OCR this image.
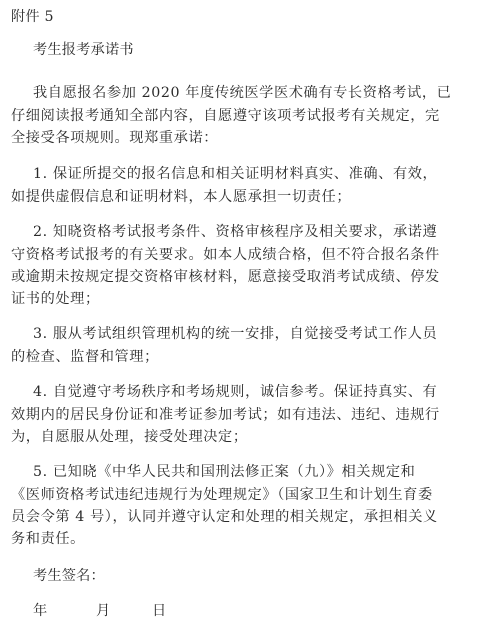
附件 5
考生报考承诺书
我自愿报名参加 2020 年度传统医学医术确有专长资格考试，已
仔细阅读报考通知全部内容，自愿遵守该项考试报考有关规定，完
全接受各项规则。现郑重承诺：
1. 保证所提交的报名信息和相关证明材料真实、准确、有效，
如提供虚假信息和证明材料，本人愿承担一切责任；
2. 知晓资格考试报考条件、资格审核程序及相关要求，承诺遵
守资格考试报考的有关要求。如本人成绩合格，但不符合报名条件
或逾期未按规定提交资格审核材料，愿意接受取消考试成绩、停发
证书的处理；
3. 服从考试组织管理机构的统一安排，自觉接受考试工作人员
的检查、监督和管理；
4. 自觉遵守考场秩序和考场规则，诚信参考。保证持真实、有
效期内的居民身份证和准考证参加考试；如有违法、违纪、违规行
为，自愿服从处理，接受处理决定；
5. 已知晓《中华人民共和国刑法修正案（九）》相关规定和
《医师资格考试违纪违规行为处理规定》（国家卫生和计划生育委
员会令第 4 号），认同并遵守认定和处理的相关规定，承担相关义
务和责任。
考生签名：
年	月	日
